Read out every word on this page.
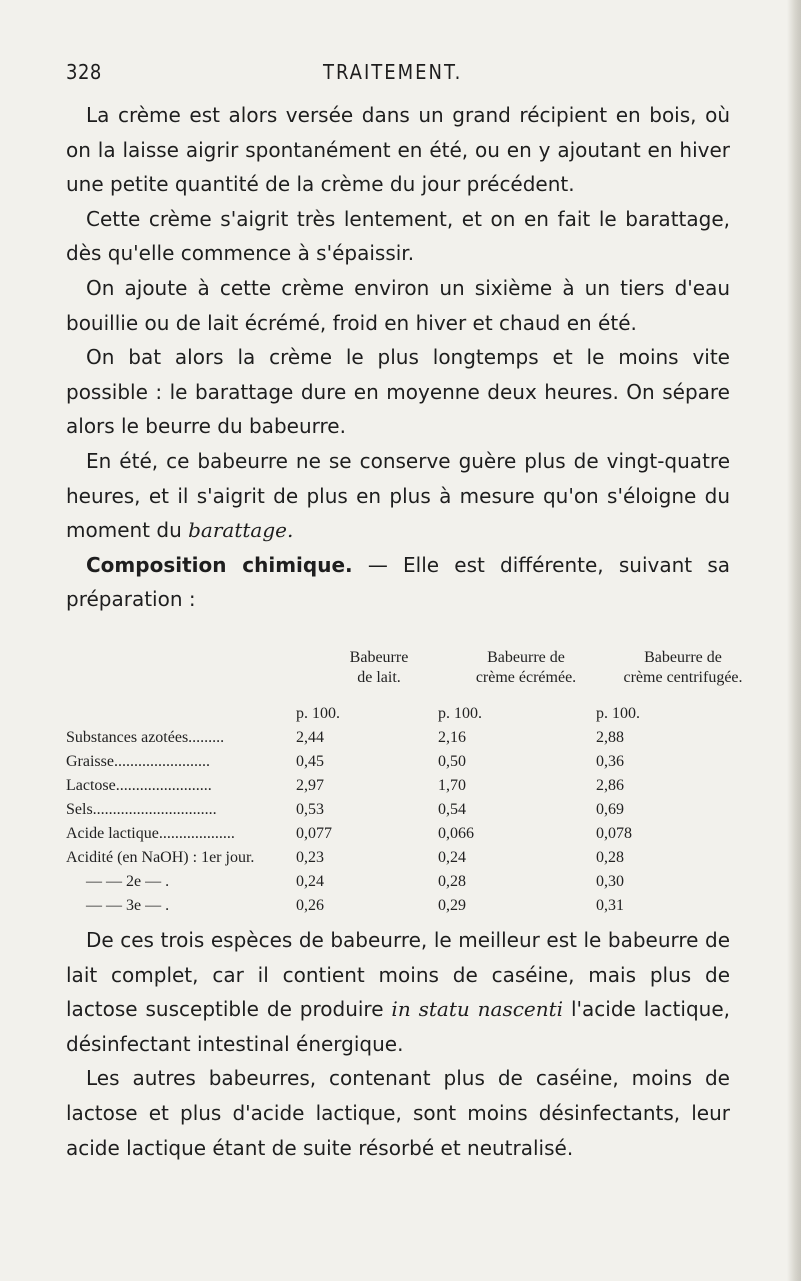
328	TRAITEMENT.

La crème est alors versée dans un grand récipient en bois, où on la laisse aigrir spontanément en été, ou en y ajoutant en hiver une petite quantité de la crème du jour précédent.

Cette crème s'aigrit très lentement, et on en fait le barattage, dès qu'elle commence à s'épaissir.

On ajoute à cette crème environ un sixième à un tiers d'eau bouillie ou de lait écrémé, froid en hiver et chaud en été.

On bat alors la crème le plus longtemps et le moins vite possible : le barattage dure en moyenne deux heures. On sépare alors le beurre du babeurre.

En été, ce babeurre ne se conserve guère plus de vingt-quatre heures, et il s'aigrit de plus en plus à mesure qu'on s'éloigne du moment du barattage.

Composition chimique. — Elle est différente, suivant sa préparation :

Babeurre
de lait.
Babeurre de
crème écrémée.
Babeurre de
crème centrifugée.
p. 100.	p. 100.	p. 100.
Substances azotées.........	2,44	2,16	2,88
Graisse........................	0,45	0,50	0,36
Lactose........................	2,97	1,70	2,86
Sels...............................	0,53	0,54	0,69
Acide lactique...................	0,077	0,066	0,078
Acidité (en NaOH) : 1er jour.	0,23	0,24	0,28
— — 2e — .	0,24	0,28	0,30
— — 3e — .	0,26	0,29	0,31

De ces trois espèces de babeurre, le meilleur est le babeurre de lait complet, car il contient moins de caséine, mais plus de lactose susceptible de produire in statu nascenti l'acide lactique, désinfectant intestinal énergique.

Les autres babeurres, contenant plus de caséine, moins de lactose et plus d'acide lactique, sont moins désinfectants, leur acide lactique étant de suite résorbé et neutralisé.
